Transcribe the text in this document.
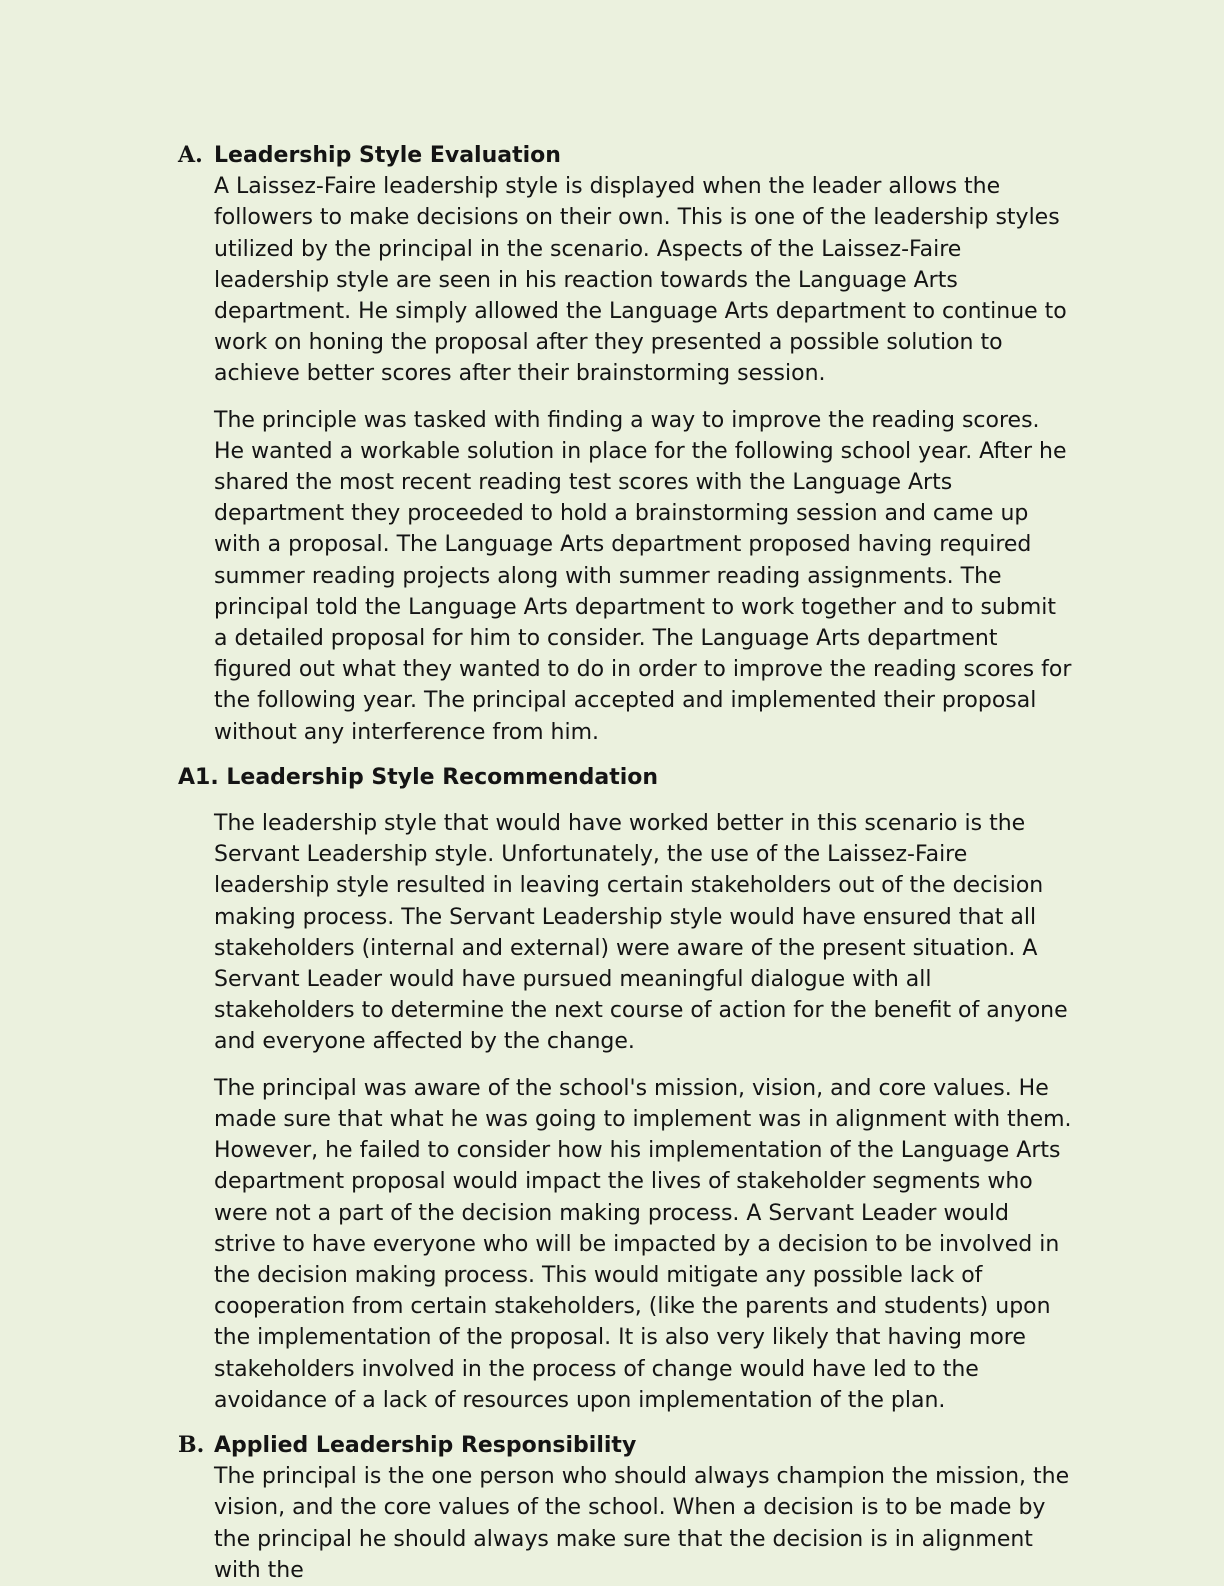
A. Leadership Style Evaluation

A Laissez-Faire leadership style is displayed when the leader allows the followers to make decisions on their own. This is one of the leadership styles utilized by the principal in the scenario. Aspects of the Laissez-Faire leadership style are seen in his reaction towards the Language Arts department. He simply allowed the Language Arts department to continue to work on honing the proposal after they presented a possible solution to achieve better scores after their brainstorming session.

The principle was tasked with finding a way to improve the reading scores. He wanted a workable solution in place for the following school year. After he shared the most recent reading test scores with the Language Arts department they proceeded to hold a brainstorming session and came up with a proposal. The Language Arts department proposed having required summer reading projects along with summer reading assignments. The principal told the Language Arts department to work together and to submit a detailed proposal for him to consider. The Language Arts department figured out what they wanted to do in order to improve the reading scores for the following year. The principal accepted and implemented their proposal without any interference from him.

A1. Leadership Style Recommendation

The leadership style that would have worked better in this scenario is the Servant Leadership style. Unfortunately, the use of the Laissez-Faire leadership style resulted in leaving certain stakeholders out of the decision making process. The Servant Leadership style would have ensured that all stakeholders (internal and external) were aware of the present situation. A Servant Leader would have pursued meaningful dialogue with all stakeholders to determine the next course of action for the benefit of anyone and everyone affected by the change.

The principal was aware of the school's mission, vision, and core values. He made sure that what he was going to implement was in alignment with them. However, he failed to consider how his implementation of the Language Arts department proposal would impact the lives of stakeholder segments who were not a part of the decision making process. A Servant Leader would strive to have everyone who will be impacted by a decision to be involved in the decision making process. This would mitigate any possible lack of cooperation from certain stakeholders, (like the parents and students) upon the implementation of the proposal. It is also very likely that having more stakeholders involved in the process of change would have led to the avoidance of a lack of resources upon implementation of the plan.

B. Applied Leadership Responsibility

The principal is the one person who should always champion the mission, the vision, and the core values of the school. When a decision is to be made by the principal he should always make sure that the decision is in alignment with the
